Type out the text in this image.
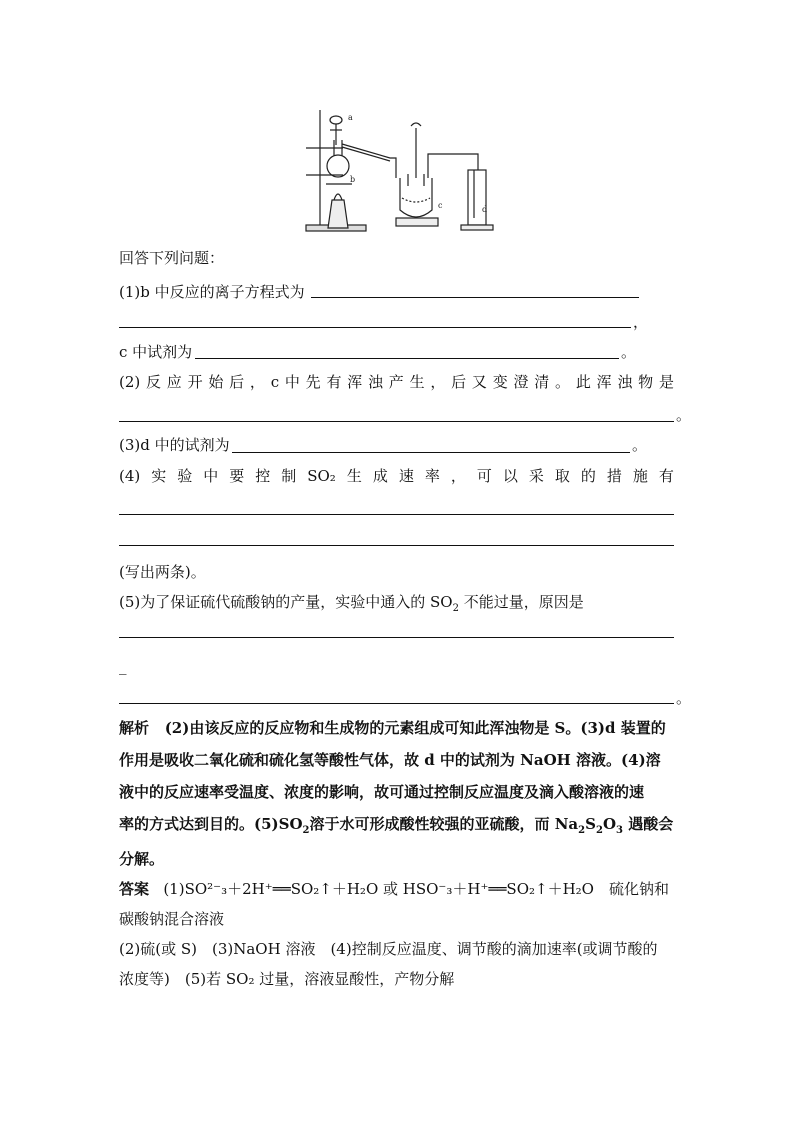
a
b
c	d
回答下列问题：
(1)b 中反应的离子方程式为
，
c 中试剂为	。
(2) 反 应 开 始 后 ， c 中 先 有 浑 浊 产 生 ， 后 又 变 澄 清 。 此 浑 浊 物 是
。
(3)d 中的试剂为	。
(4) 实 验 中 要 控 制 SO₂ 生 成 速 率 ， 可 以 采 取 的 措 施 有
(写出两条)。
(5)为了保证硫代硫酸钠的产量，实验中通入的 $SO_2$ 不能过量，原因是
_
。
解析 (2)由该反应的反应物和生成物的元素组成可知此浑浊物是 S。(3)d 装置的
作用是吸收二氧化硫和硫化氢等酸性气体，故 d 中的试剂为 NaOH 溶液。(4)溶
液中的反应速率受温度、浓度的影响，故可通过控制反应温度及滴入酸溶液的速
率的方式达到目的。$(5)SO_2$溶于水可形成酸性较强的亚硫酸，而 $Na_2S_2O_3$ 遇酸会
分解。
答案 (1)SO²⁻₃＋2H⁺══SO₂↑＋H₂O 或 HSO⁻₃＋H⁺══SO₂↑＋H₂O　硫化钠和
碳酸钠混合溶液
(2)硫(或 S)　(3)NaOH 溶液　(4)控制反应温度、调节酸的滴加速率(或调节酸的
浓度等)　(5)若 SO₂ 过量，溶液显酸性，产物分解
